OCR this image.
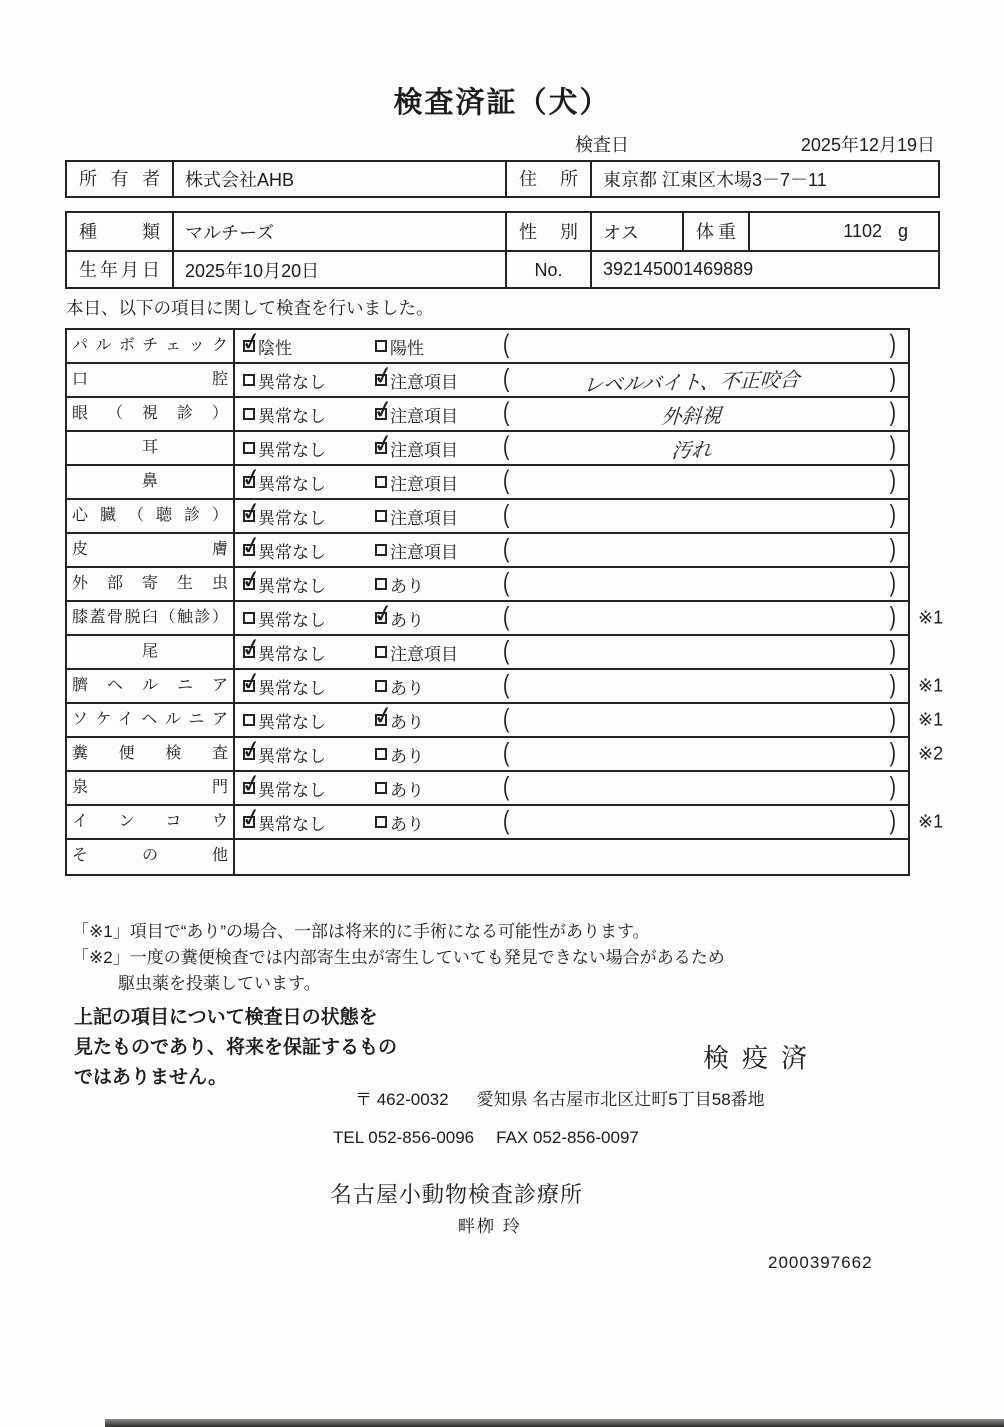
検査済証（犬）
検査日	2025年12月19日
所有者	株式会社AHB	住所	東京都 江東区木場3－7－11
種類	マルチーズ	性別	オス	体重	1102 g
生年月日	2025年10月20日	No.	392145001469889
本日、以下の項目に関して検査を行いました。
パルボチェック ✓	陰性	陽性	(	)
口腔	異常なし ✓	注意項目 (	レベルバイト、不正咬合	)
眼（視診）	異常なし ✓	注意項目 (	外斜視	)
耳	異常なし ✓	注意項目 (	汚れ	)
鼻 ✓	異常なし	注意項目 (	)
心臓（聴診） ✓	異常なし	注意項目 (	)
皮膚 ✓	異常なし	注意項目 (	)
外部寄生虫 ✓	異常なし	あり	(	)
膝蓋骨脱臼（触診）	異常なし ✓	あり	(	) ※1
尾 ✓	異常なし	注意項目 (	)
臍ヘルニア ✓	異常なし	あり	(	) ※1
ソケイヘルニア	異常なし ✓	あり	(	) ※1
糞便検査 ✓	異常なし	あり	(	) ※2
泉門 ✓	異常なし	あり	(	)
インコウ ✓	異常なし	あり	(	) ※1
その他
「※1」項目で“あり”の場合、一部は将来的に手術になる可能性があります。
「※2」一度の糞便検査では内部寄生虫が寄生していても発見できない場合があるため
駆虫薬を投薬しています。
上記の項目について検査日の状態を
見たものであり、将来を保証するもの
ではありません。
検疫済
〒 462-0032 愛知県 名古屋市北区辻町5丁目58番地
TEL 052-856-0096 FAX 052-856-0097
名古屋小動物検査診療所
畔栁 玲
2000397662
